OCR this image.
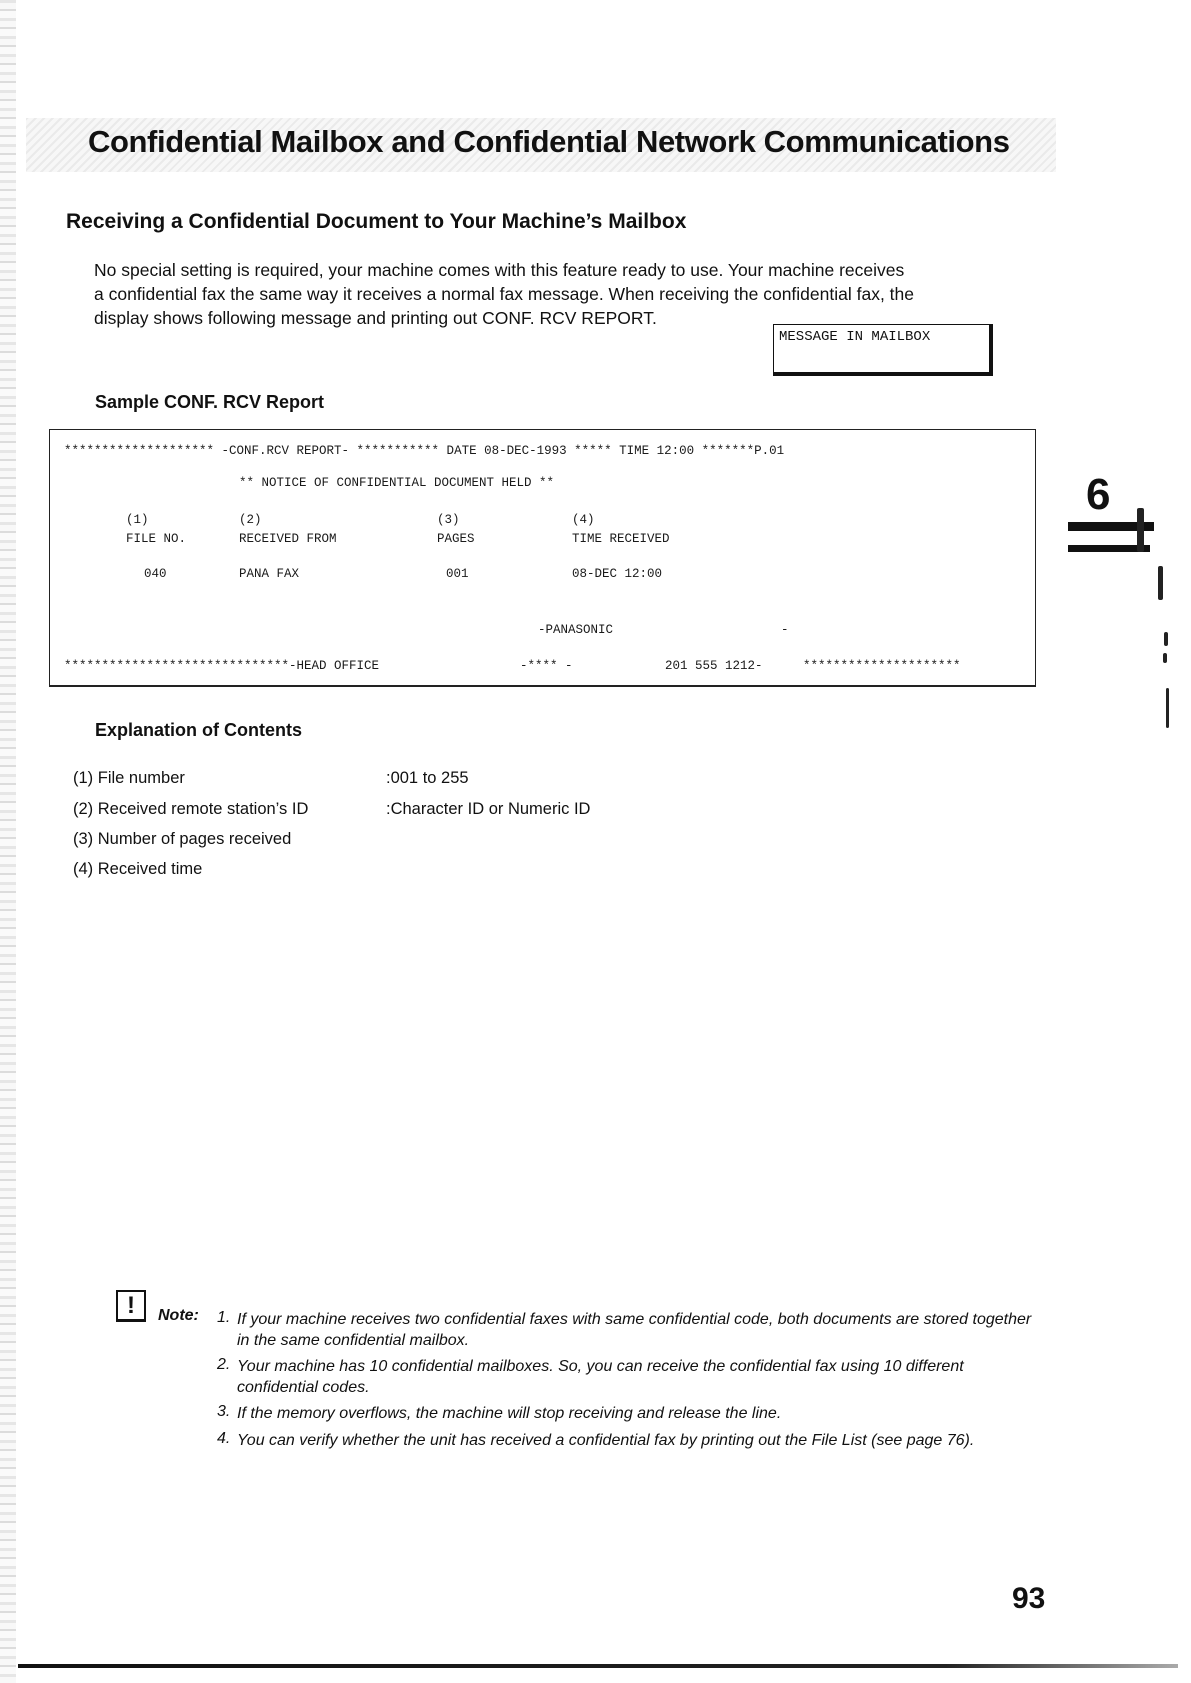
Confidential Mailbox and Confidential Network Communications
Receiving a Confidential Document to Your Machine’s Mailbox

No special setting is required, your machine comes with this feature ready to use. Your machine receives
a confidential fax the same way it receives a normal fax message. When receiving the confidential fax, the
display shows following message and printing out CONF. RCV REPORT.

MESSAGE IN MAILBOX
Sample CONF. RCV Report
******************** -CONF.RCV REPORT- *********** DATE 08-DEC-1993 ***** TIME 12:00 *******P.01
** NOTICE OF CONFIDENTIAL DOCUMENT HELD **
(1)	(2)	(3)	(4)
FILE NO.	RECEIVED FROM	PAGES	TIME RECEIVED
040	PANA FAX	001	08-DEC 12:00
-PANASONIC	-
******************************-HEAD OFFICE	-**** -	201 555 1212-	*********************
Explanation of Contents
(1) File number	:001 to 255
(2) Received remote station’s ID	:Character ID or Numeric ID
(3) Number of pages received
(4) Received time
!	Note: 1. If your machine receives two confidential faxes with same confidential code, both documents are stored together in the same confidential mailbox.

2. Your machine has 10 confidential mailboxes. So, you can receive the confidential fax using 10 different confidential codes.

3. If the memory overflows, the machine will stop receiving and release the line.

4. You can verify whether the unit has received a confidential fax by printing out the File List (see page 76).

6
93
